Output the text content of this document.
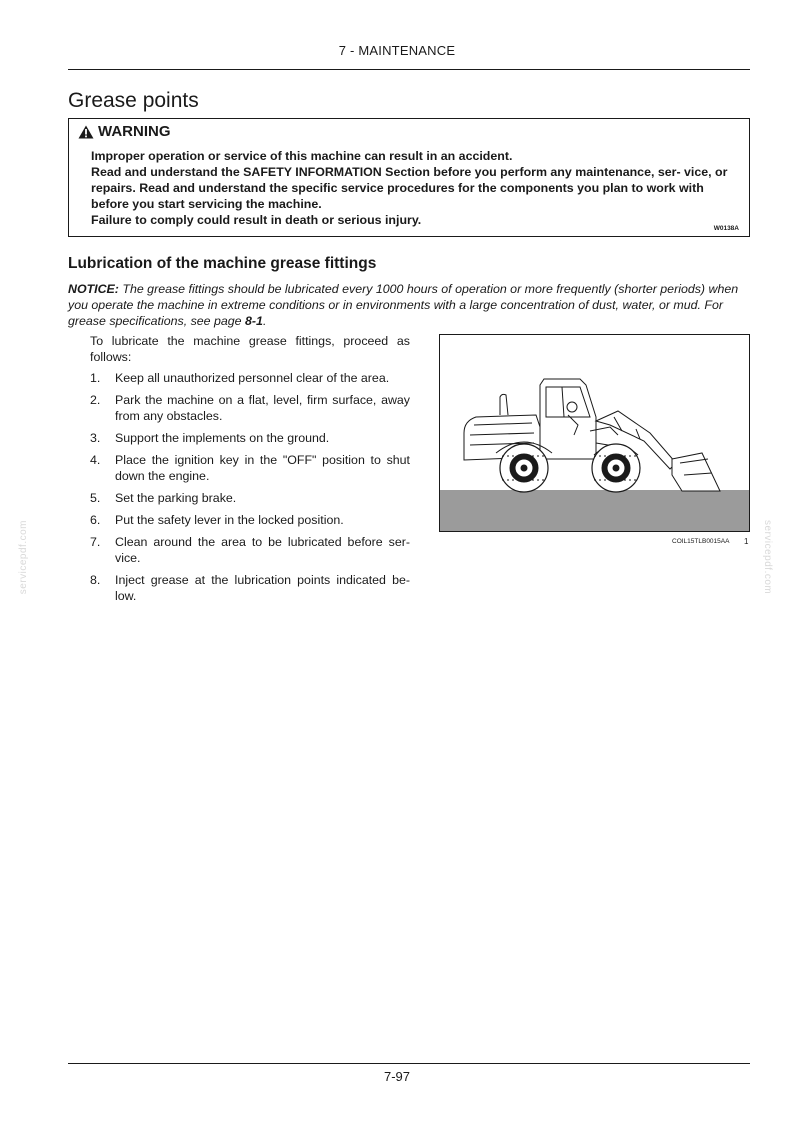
7 - MAINTENANCE
Grease points
WARNING

Improper operation or service of this machine can result in an accident.

Read and understand the SAFETY INFORMATION Section before you perform any maintenance, ser- vice, or repairs. Read and understand the specific service procedures for the components you plan to work with before you start servicing the machine.

Failure to comply could result in death or serious injury.

W0138A
Lubrication of the machine grease fittings
NOTICE: The grease fittings should be lubricated every 1000 hours of operation or more frequently (shorter periods) when you operate the machine in extreme conditions or in environments with a large concentration of dust, water, or mud. For grease specifications, see page 8-1.
To lubricate the machine grease fittings, proceed as follows:
1.	Keep all unauthorized personnel clear of the area.
2.	Park the machine on a flat, level, firm surface, away from any obstacles.
3.	Support the implements on the ground.
4.	Place the ignition key in the "OFF" position to shut down the engine.
5.	Set the parking brake.
6.	Put the safety lever in the locked position.
7.	Clean around the area to be lubricated before ser- vice.
8.	Inject grease at the lubrication points indicated be- low.
COIL15TLB0015AA 1
servicepdf.com	servicepdf.com
7-97
